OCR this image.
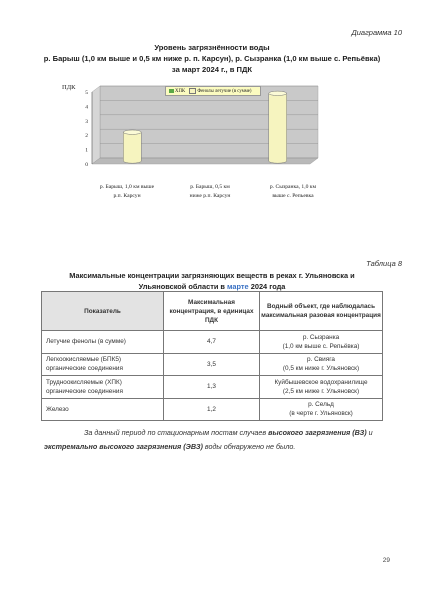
Диаграмма 10
Уровень загрязнённости воды
р. Барыш (1,0 км выше и 0,5 км ниже р. п. Карсун), р. Сызранка (1,0 км выше с. Репьёвка)
за март 2024 г., в ПДК
ПДК
0
1
2
3
4
5	ХПК	Фенолы летучие (в сумме)
р. Барыш, 1,0 км выше
р.п. Карсун
р. Барыш, 0,5 км
ниже р.п. Карсун
р. Сызранка, 1,0 км
выше с. Репьевка
Таблица 8
Максимальные концентрации загрязняющих веществ в реках г. Ульяновска и
Ульяновской области в марте 2024 года
Показатель	Максимальная концентрация, в единицах ПДК	Водный объект, где наблюдалась максимальная разовая концентрация
Летучие фенолы (в сумме)	4,7	р. Сызранка
(1,0 км выше с. Репьёвка)

Легкоокисляемые (БПК5) органические соединения	3,5	р. Свияга
(0,5 км ниже г. Ульяновск)

Трудноокисляемые (ХПК) органические соединения	1,3	Куйбышевское водохранилище
(2,5 км ниже г. Ульяновск)

Железо	1,2	р. Сельд
(в черте г. Ульяновск)
За данный период по стационарным постам случаев высокого загрязнения (ВЗ) и экстремально высокого загрязнения (ЭВЗ) воды обнаружено не было.
29
